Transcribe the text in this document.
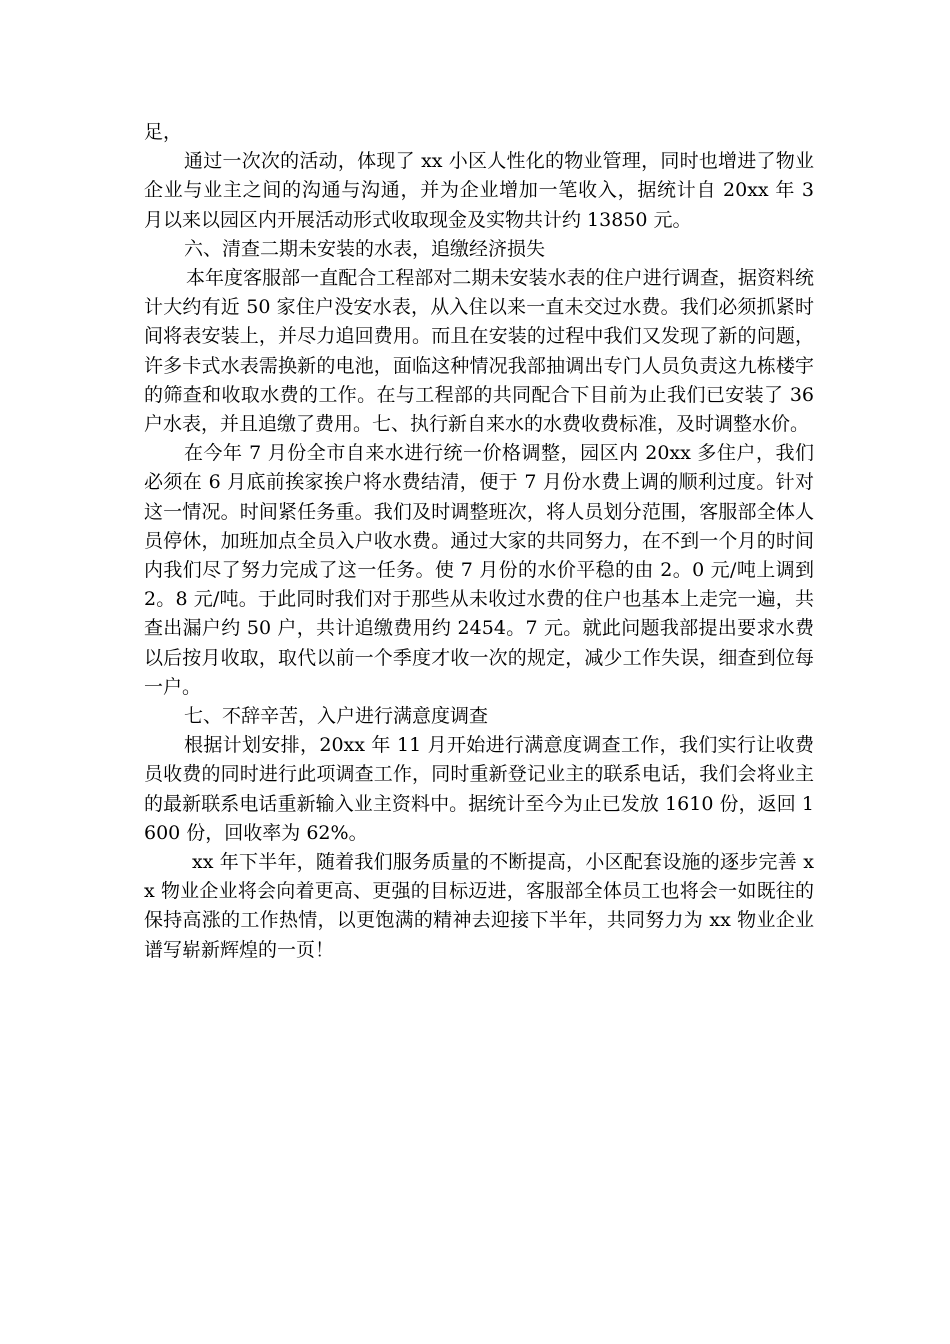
足，

通过一次次的活动，体现了 xx 小区人性化的物业管理，同时也增进了物业企业与业主之间的沟通与沟通，并为企业增加一笔收入，据统计自 20xx 年 3 月以来以园区内开展活动形式收取现金及实物共计约 13850 元。

六、清查二期未安装的水表，追缴经济损失

本年度客服部一直配合工程部对二期未安装水表的住户进行调查，据资料统计大约有近 50 家住户没安水表，从入住以来一直未交过水费。我们必须抓紧时间将表安装上，并尽力追回费用。而且在安装的过程中我们又发现了新的问题，许多卡式水表需换新的电池，面临这种情况我部抽调出专门人员负责这九栋楼宇的筛查和收取水费的工作。在与工程部的共同配合下目前为止我们已安装了 36 户水表，并且追缴了费用。七、执行新自来水的水费收费标准，及时调整水价。

在今年 7 月份全市自来水进行统一价格调整，园区内 20xx 多住户，我们必须在 6 月底前挨家挨户将水费结清，便于 7 月份水费上调的顺利过度。针对这一情况。时间紧任务重。我们及时调整班次，将人员划分范围，客服部全体人员停休，加班加点全员入户收水费。通过大家的共同努力，在不到一个月的时间内我们尽了努力完成了这一任务。使 7 月份的水价平稳的由 2。0 元/吨上调到 2。8 元/吨。于此同时我们对于那些从未收过水费的住户也基本上走完一遍，共查出漏户约 50 户，共计追缴费用约 2454。7 元。就此问题我部提出要求水费以后按月收取，取代以前一个季度才收一次的规定，减少工作失误，细查到位每一户。

七、不辞辛苦，入户进行满意度调查

根据计划安排，20xx 年 11 月开始进行满意度调查工作，我们实行让收费员收费的同时进行此项调查工作，同时重新登记业主的联系电话，我们会将业主的最新联系电话重新输入业主资料中。据统计至今为止已发放 1610 份，返回 1600 份，回收率为 62%。

xx 年下半年，随着我们服务质量的不断提高，小区配套设施的逐步完善 xx 物业企业将会向着更高、更强的目标迈进，客服部全体员工也将会一如既往的保持高涨的工作热情，以更饱满的精神去迎接下半年，共同努力为 xx 物业企业谱写崭新辉煌的一页！
